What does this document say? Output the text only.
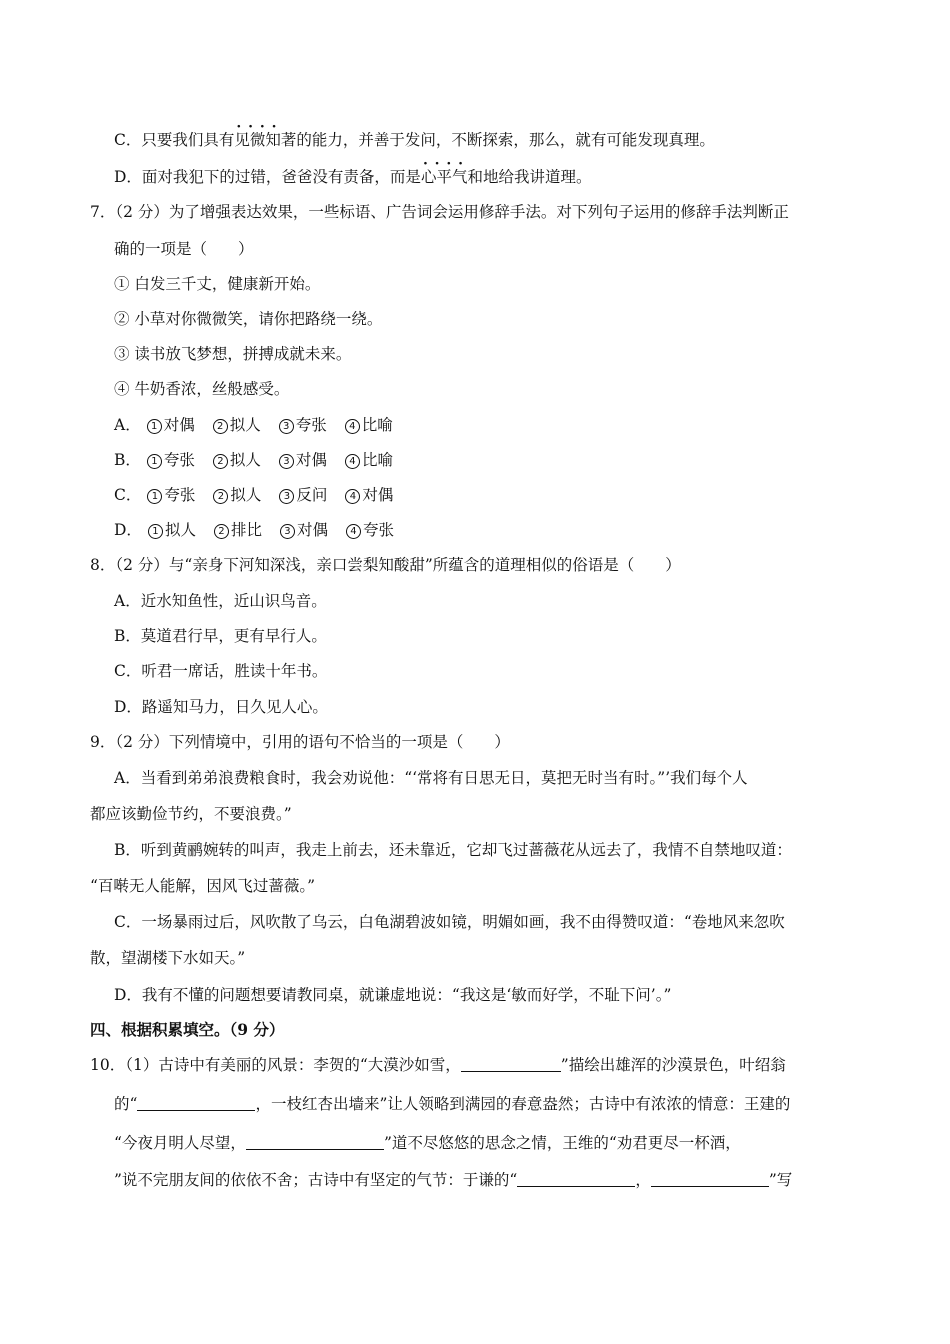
C．只要我们具有· · · · 见微知著的能力，并善于发问，不断探索，那么，就有可能发现真理。
D．面对我犯下的过错，爸爸没有责备，而是· · · · 心平气和地给我讲道理。
7．（2 分）为了增强表达效果，一些标语、广告词会运用修辞手法。对下列句子运用的修辞手法判断正
确的一项是（　　）
① 白发三千丈，健康新开始。
② 小草对你微微笑，请你把路绕一绕。
③ 读书放飞梦想，拼搏成就未来。
④ 牛奶香浓，丝般感受。
A． 1 对偶 2 拟人 3 夸张 4 比喻
B． 1 夸张 2 拟人 3 对偶 4 比喻
C． 1 夸张 2 拟人 3 反问 4 对偶
D． 1 拟人 2 排比 3 对偶 4 夸张
8．（2 分）与“亲身下河知深浅，亲口尝梨知酸甜”所蕴含的道理相似的俗语是（　　）
A．近水知鱼性，近山识鸟音。
B．莫道君行早，更有早行人。
C．听君一席话，胜读十年书。
D．路遥知马力，日久见人心。
9．（2 分）下列情境中，引用的语句不恰当的一项是（　　）
A．当看到弟弟浪费粮食时，我会劝说他：“‘常将有日思无日，莫把无时当有时。”’我们每个人
都应该勤俭节约，不要浪费。”
B．听到黄鹂婉转的叫声，我走上前去，还未靠近，它却飞过蔷薇花从远去了，我情不自禁地叹道：
“百啭无人能解，因风飞过蔷薇。”
C．一场暴雨过后，风吹散了乌云，白龟湖碧波如镜，明媚如画，我不由得赞叹道：“卷地风来忽吹
散，望湖楼下水如天。”
D．我有不懂的问题想要请教同桌，就谦虚地说：“我这是‘敏而好学，不耻下问’。”
四、根据积累填空。（9 分）
10．（1）古诗中有美丽的风景：李贺的“大漠沙如雪，	”描绘出雄浑的沙漠景色，叶绍翁
的“	，一枝红杏出墙来”让人领略到满园的春意盎然；古诗中有浓浓的情意：王建的
“今夜月明人尽望，	”道不尽悠悠的思念之情，王维的“劝君更尽一杯酒，
”说不完朋友间的依依不舍；古诗中有坚定的气节：于谦的“	，	”写
